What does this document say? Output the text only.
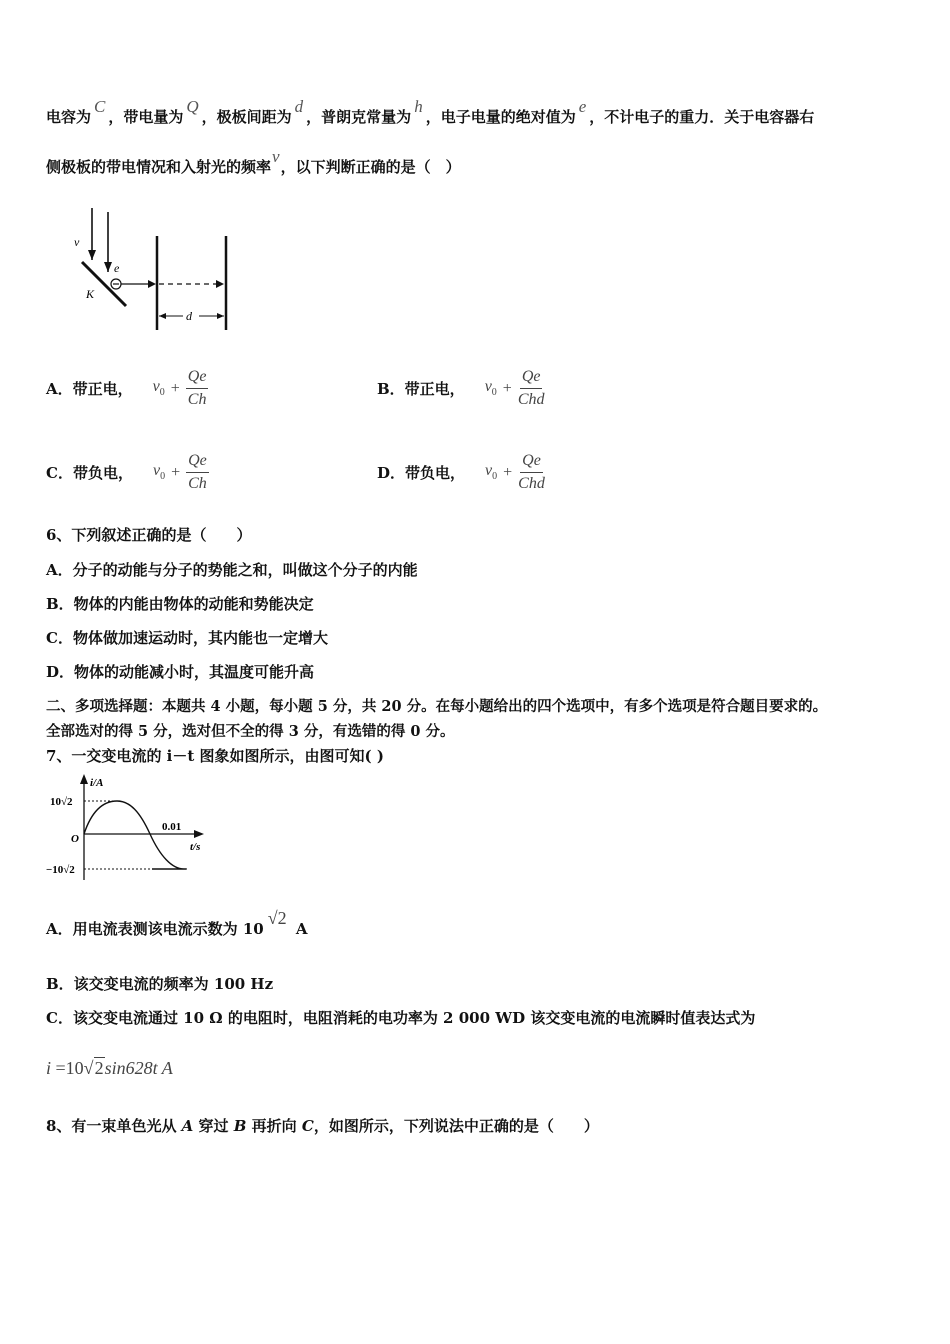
电容为C，带电量为Q，极板间距为d，普朗克常量为h，电子电量的绝对值为e，不计电子的重力．关于电容器右
侧极板的带电情况和入射光的频率ν，以下判断正确的是（　）
v
K
e
d
A．带正电， $\nu_0 + \frac{Qe}{Ch}$	B．带正电， $\nu_0 + \frac{Qe}{\text{Chd}}$
C．带负电， $\nu_0 + \frac{Qe}{Ch}$	D．带负电， $\nu_0 + \frac{Qe}{\text{Chd}}$
6、下列叙述正确的是（　　）
A．分子的动能与分子的势能之和，叫做这个分子的内能
B．物体的内能由物体的动能和势能决定
C．物体做加速运动时，其内能也一定增大
D．物体的动能减小时，其温度可能升高
二、多项选择题：本题共 4 小题，每小题 5 分，共 20 分。在每小题给出的四个选项中，有多个选项是符合题目要求的。
全部选对的得 5 分，选对但不全的得 3 分，有选错的得 0 分。
7、一交变电流的 i－t 图象如图所示，由图可知( )
i/A
t/s
O
10√2
−10√2
0.01
A．用电流表测该电流示数为 10√2 A
B．该交变电流的频率为 100 Hz
C．该交变电流通过 10 Ω 的电阻时，电阻消耗的电功率为 2 000 WD 该交变电流的电流瞬时值表达式为
i =10√2sin628t A
8、有一束单色光从 A 穿过 B 再折向 C，如图所示，下列说法中正确的是（　　）
